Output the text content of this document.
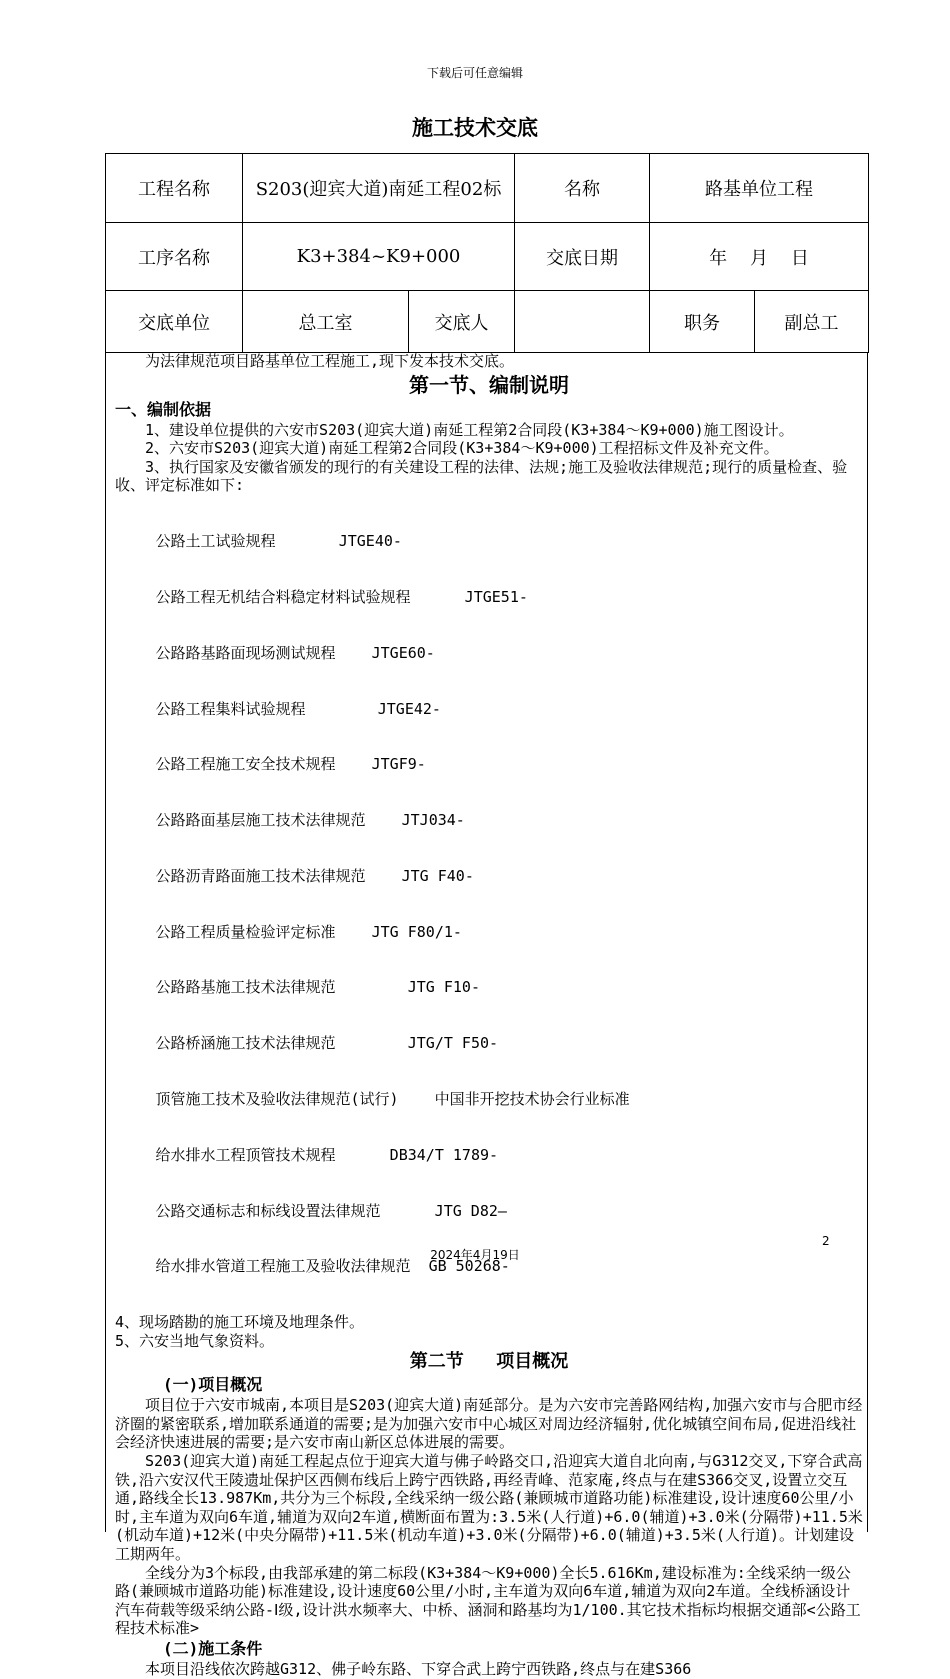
下载后可任意编辑
施工技术交底
工程名称	S203(迎宾大道)南延工程02标		名称	路基单位工程	
工序名称	K3+384~K9+000		交底日期	年    月    日	
交底单位	总工室	交底人		职务	副总工

为法律规范项目路基单位工程施工,现下发本技术交底。

第一节、编制说明

一、编制依据

1、建设单位提供的六安市S203(迎宾大道)南延工程第2合同段(K3+384～K9+000)施工图设计。

2、六安市S203(迎宾大道)南延工程第2合同段(K3+384～K9+000)工程招标文件及补充文件。

3、执行国家及安徽省颁发的现行的有关建设工程的法律、法规;施工及验收法律规范;现行的质量检查、验收、评定标准如下:

公路土工试验规程       JTGE40-

公路工程无机结合料稳定材料试验规程      JTGE51-

公路路基路面现场测试规程    JTGE60-

公路工程集料试验规程        JTGE42-

公路工程施工安全技术规程    JTGF9-

公路路面基层施工技术法律规范    JTJ034-

公路沥青路面施工技术法律规范    JTG F40-

公路工程质量检验评定标准    JTG F80/1-

公路路基施工技术法律规范        JTG F10-

公路桥涵施工技术法律规范        JTG/T F50-

顶管施工技术及验收法律规范(试行)    中国非开挖技术协会行业标准

给水排水工程顶管技术规程      DB34/T 1789-

公路交通标志和标线设置法律规范      JTG D82—

给水排水管道工程施工及验收法律规范  GB 50268-

4、现场踏勘的施工环境及地理条件。

5、六安当地气象资料。

第二节   项目概况

(一)项目概况

项目位于六安市城南,本项目是S203(迎宾大道)南延部分。是为六安市完善路网结构,加强六安市与合肥市经济圈的紧密联系,增加联系通道的需要;是为加强六安市中心城区对周边经济辐射,优化城镇空间布局,促进沿线社会经济快速进展的需要;是六安市南山新区总体进展的需要。

S203(迎宾大道)南延工程起点位于迎宾大道与佛子岭路交口,沿迎宾大道自北向南,与G312交叉,下穿合武高铁,沿六安汉代王陵遗址保护区西侧布线后上跨宁西铁路,再经青峰、范家庵,终点与在建S366交叉,设置立交互通,路线全长13.987Km,共分为三个标段,全线采纳一级公路(兼顾城市道路功能)标准建设,设计速度60公里/小时,主车道为双向6车道,辅道为双向2车道,横断面布置为:3.5米(人行道)+6.0(辅道)+3.0米(分隔带)+11.5米(机动车道)+12米(中央分隔带)+11.5米(机动车道)+3.0米(分隔带)+6.0(辅道)+3.5米(人行道)。计划建设工期两年。

全线分为3个标段,由我部承建的第二标段(K3+384～K9+000)全长5.616Km,建设标准为:全线采纳一级公路(兼顾城市道路功能)标准建设,设计速度60公里/小时,主车道为双向6车道,辅道为双向2车道。全线桥涵设计汽车荷载等级采纳公路-Ⅰ级,设计洪水频率大、中桥、涵洞和路基均为1/100.其它技术指标均根据交通部<公路工程技术标准>

(二)施工条件

本项目沿线依次跨越G312、佛子岭东路、下穿合武上跨宁西铁路,终点与在建S366

2
2024年4月19日
